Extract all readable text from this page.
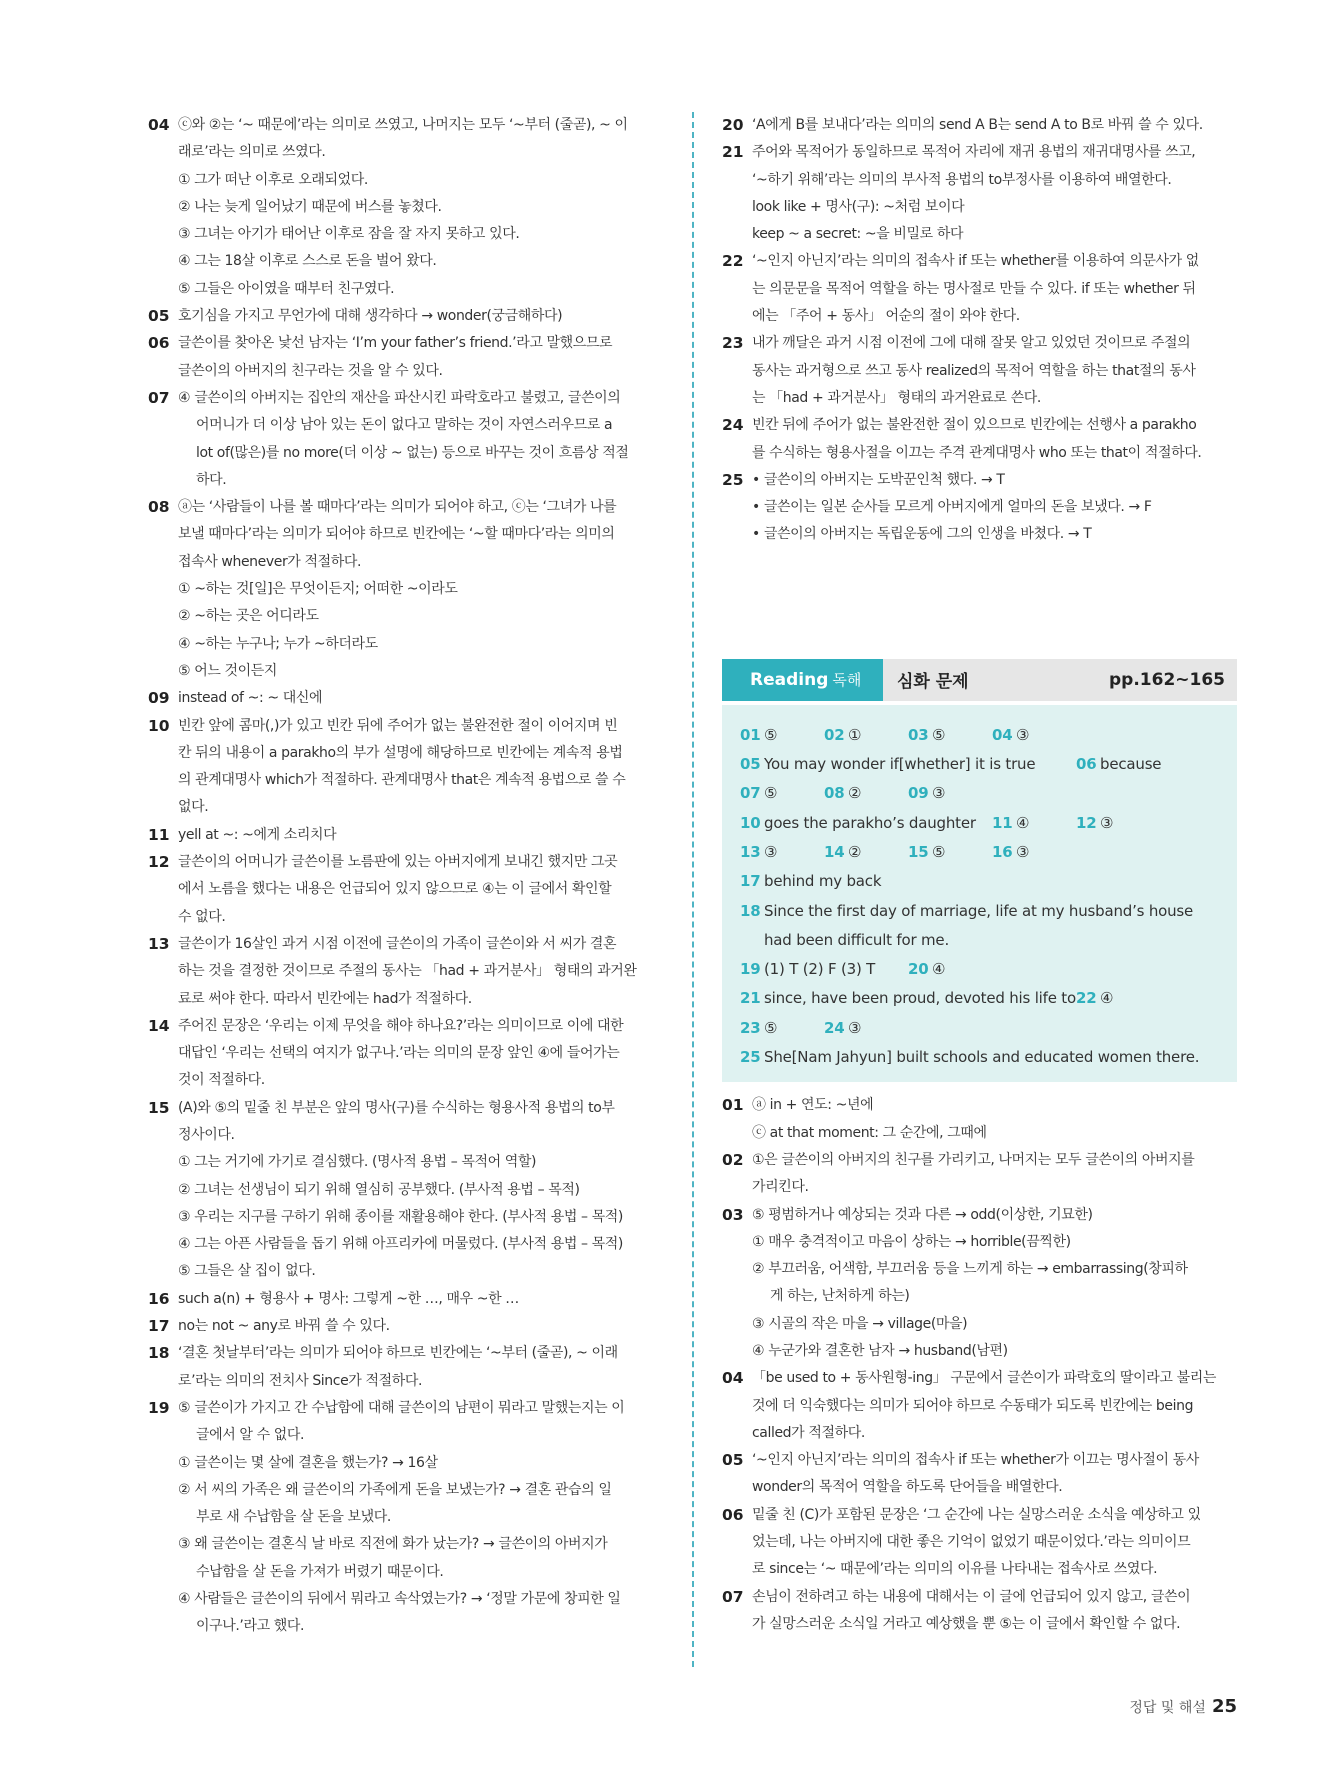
04 ⓒ와 ②는 ‘~ 때문에’라는 의미로 쓰였고, 나머지는 모두 ‘~부터 (줄곧), ~ 이
래로’라는 의미로 쓰였다.
① 그가 떠난 이후로 오래되었다.
② 나는 늦게 일어났기 때문에 버스를 놓쳤다.
③ 그녀는 아기가 태어난 이후로 잠을 잘 자지 못하고 있다.
④ 그는 18살 이후로 스스로 돈을 벌어 왔다.
⑤ 그들은 아이였을 때부터 친구였다.
05 호기심을 가지고 무언가에 대해 생각하다 → wonder(궁금해하다)
06 글쓴이를 찾아온 낯선 남자는 ‘I’m your father’s friend.’라고 말했으므로
글쓴이의 아버지의 친구라는 것을 알 수 있다.
07 ④ 글쓴이의 아버지는 집안의 재산을 파산시킨 파락호라고 불렸고, 글쓴이의
어머니가 더 이상 남아 있는 돈이 없다고 말하는 것이 자연스러우므로 a
lot of(많은)를 no more(더 이상 ~ 없는) 등으로 바꾸는 것이 흐름상 적절
하다.
08 ⓐ는 ‘사람들이 나를 볼 때마다’라는 의미가 되어야 하고, ⓒ는 ‘그녀가 나를
보낼 때마다’라는 의미가 되어야 하므로 빈칸에는 ‘~할 때마다’라는 의미의
접속사 whenever가 적절하다.
① ~하는 것[일]은 무엇이든지; 어떠한 ~이라도
② ~하는 곳은 어디라도
④ ~하는 누구나; 누가 ~하더라도
⑤ 어느 것이든지
09 instead of ~: ~ 대신에
10 빈칸 앞에 콤마(,)가 있고 빈칸 뒤에 주어가 없는 불완전한 절이 이어지며 빈
칸 뒤의 내용이 a parakho의 부가 설명에 해당하므로 빈칸에는 계속적 용법
의 관계대명사 which가 적절하다. 관계대명사 that은 계속적 용법으로 쓸 수
없다.
11 yell at ~: ~에게 소리치다
12 글쓴이의 어머니가 글쓴이를 노름판에 있는 아버지에게 보내긴 했지만 그곳
에서 노름을 했다는 내용은 언급되어 있지 않으므로 ④는 이 글에서 확인할
수 없다.
13 글쓴이가 16살인 과거 시점 이전에 글쓴이의 가족이 글쓴이와 서 씨가 결혼
하는 것을 결정한 것이므로 주절의 동사는 「had + 과거분사」 형태의 과거완
료로 써야 한다. 따라서 빈칸에는 had가 적절하다.
14 주어진 문장은 ‘우리는 이제 무엇을 해야 하나요?’라는 의미이므로 이에 대한
대답인 ‘우리는 선택의 여지가 없구나.’라는 의미의 문장 앞인 ④에 들어가는
것이 적절하다.
15 (A)와 ⑤의 밑줄 친 부분은 앞의 명사(구)를 수식하는 형용사적 용법의 to부
정사이다.
① 그는 거기에 가기로 결심했다. (명사적 용법 – 목적어 역할)
② 그녀는 선생님이 되기 위해 열심히 공부했다. (부사적 용법 – 목적)
③ 우리는 지구를 구하기 위해 종이를 재활용해야 한다. (부사적 용법 – 목적)
④ 그는 아픈 사람들을 돕기 위해 아프리카에 머물렀다. (부사적 용법 – 목적)
⑤ 그들은 살 집이 없다.
16 such a(n) + 형용사 + 명사: 그렇게 ~한 …, 매우 ~한 …
17 no는 not ~ any로 바꿔 쓸 수 있다.
18 ‘결혼 첫날부터’라는 의미가 되어야 하므로 빈칸에는 ‘~부터 (줄곧), ~ 이래
로’라는 의미의 전치사 Since가 적절하다.
19 ⑤ 글쓴이가 가지고 간 수납함에 대해 글쓴이의 남편이 뭐라고 말했는지는 이
글에서 알 수 없다.
① 글쓴이는 몇 살에 결혼을 했는가? → 16살
② 서 씨의 가족은 왜 글쓴이의 가족에게 돈을 보냈는가? → 결혼 관습의 일
부로 새 수납함을 살 돈을 보냈다.
③ 왜 글쓴이는 결혼식 날 바로 직전에 화가 났는가? → 글쓴이의 아버지가
수납함을 살 돈을 가져가 버렸기 때문이다.
④ 사람들은 글쓴이의 뒤에서 뭐라고 속삭였는가? → ‘정말 가문에 창피한 일
이구나.’라고 했다.
20 ‘A에게 B를 보내다’라는 의미의 send A B는 send A to B로 바꿔 쓸 수 있다.
21 주어와 목적어가 동일하므로 목적어 자리에 재귀 용법의 재귀대명사를 쓰고,
‘~하기 위해’라는 의미의 부사적 용법의 to부정사를 이용하여 배열한다.
look like + 명사(구): ~처럼 보이다
keep ~ a secret: ~을 비밀로 하다
22 ‘~인지 아닌지’라는 의미의 접속사 if 또는 whether를 이용하여 의문사가 없
는 의문문을 목적어 역할을 하는 명사절로 만들 수 있다. if 또는 whether 뒤
에는 「주어 + 동사」 어순의 절이 와야 한다.
23 내가 깨달은 과거 시점 이전에 그에 대해 잘못 알고 있었던 것이므로 주절의
동사는 과거형으로 쓰고 동사 realized의 목적어 역할을 하는 that절의 동사
는 「had + 과거분사」 형태의 과거완료로 쓴다.
24 빈칸 뒤에 주어가 없는 불완전한 절이 있으므로 빈칸에는 선행사 a parakho
를 수식하는 형용사절을 이끄는 주격 관계대명사 who 또는 that이 적절하다.
25 • 글쓴이의 아버지는 도박꾼인척 했다. → T
• 글쓴이는 일본 순사들 모르게 아버지에게 얼마의 돈을 보냈다. → F
• 글쓴이의 아버지는 독립운동에 그의 인생을 바쳤다. → T
Reading 독해 심화 문제	pp.162~165
01 ⑤	02 ①	03 ⑤	04 ③
05 You may wonder if[whether] it is true	06 because
07 ⑤	08 ②	09 ③
10 goes the parakho’s daughter 11 ④	12 ③
13 ③	14 ②	15 ⑤	16 ③
17 behind my back
18 Since the first day of marriage, life at my husband’s house
had been difficult for me.
19 (1) T (2) F (3) T 20 ④
21 since, have been proud, devoted his life to 22 ④
23 ⑤	24 ③
25 She[Nam Jahyun] built schools and educated women there.
01 ⓐ in + 연도: ~년에
ⓒ at that moment: 그 순간에, 그때에
02 ①은 글쓴이의 아버지의 친구를 가리키고, 나머지는 모두 글쓴이의 아버지를
가리킨다.
03 ⑤ 평범하거나 예상되는 것과 다른 → odd(이상한, 기묘한)
① 매우 충격적이고 마음이 상하는 → horrible(끔찍한)
② 부끄러움, 어색함, 부끄러움 등을 느끼게 하는 → embarrassing(창피하
게 하는, 난처하게 하는)
③ 시골의 작은 마을 → village(마을)
④ 누군가와 결혼한 남자 → husband(남편)
04 「be used to + 동사원형-ing」 구문에서 글쓴이가 파락호의 딸이라고 불리는
것에 더 익숙했다는 의미가 되어야 하므로 수동태가 되도록 빈칸에는 being
called가 적절하다.
05 ‘~인지 아닌지’라는 의미의 접속사 if 또는 whether가 이끄는 명사절이 동사
wonder의 목적어 역할을 하도록 단어들을 배열한다.
06 밑줄 친 (C)가 포함된 문장은 ‘그 순간에 나는 실망스러운 소식을 예상하고 있
었는데, 나는 아버지에 대한 좋은 기억이 없었기 때문이었다.’라는 의미이므
로 since는 ‘~ 때문에’라는 의미의 이유를 나타내는 접속사로 쓰였다.
07 손님이 전하려고 하는 내용에 대해서는 이 글에 언급되어 있지 않고, 글쓴이
가 실망스러운 소식일 거라고 예상했을 뿐 ⑤는 이 글에서 확인할 수 없다.
정답 및 해설 25
